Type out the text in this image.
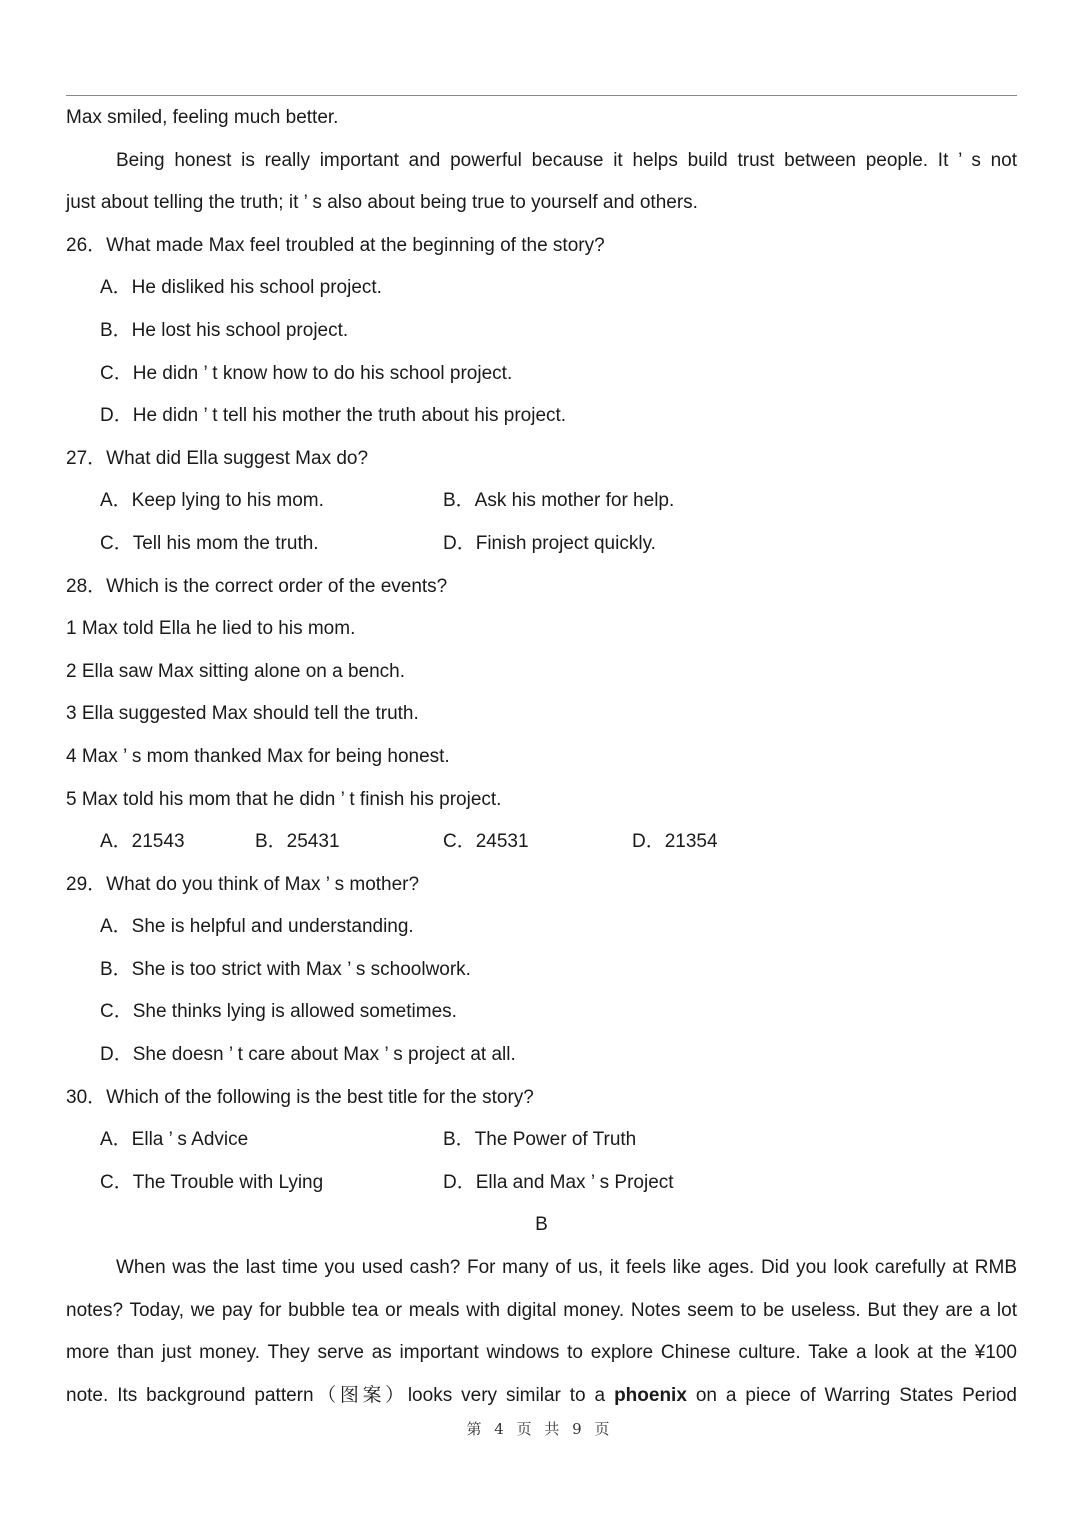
Max smiled, feeling much better.
Being honest is really important and powerful because it helps build trust between people. It ’ s not
just about telling the truth; it ’ s also about being true to yourself and others.
26．What made Max feel troubled at the beginning of the story?
A．He disliked his school project.
B．He lost his school project.
C．He didn ’ t know how to do his school project.
D．He didn ’ t tell his mother the truth about his project.
27．What did Ella suggest Max do?
A．Keep lying to his mom.	B．Ask his mother for help.
C．Tell his mom the truth.	D．Finish project quickly.
28．Which is the correct order of the events?
1 Max told Ella he lied to his mom.
2 Ella saw Max sitting alone on a bench.
3 Ella suggested Max should tell the truth.
4 Max ’ s mom thanked Max for being honest.
5 Max told his mom that he didn ’ t finish his project.
A．21543	B．25431	C．24531	D．21354
29．What do you think of Max ’ s mother?
A．She is helpful and understanding.
B．She is too strict with Max ’ s schoolwork.
C．She thinks lying is allowed sometimes.
D．She doesn ’ t care about Max ’ s project at all.
30．Which of the following is the best title for the story?
A．Ella ’ s Advice	B．The Power of Truth
C．The Trouble with Lying	D．Ella and Max ’ s Project
B
When was the last time you used cash? For many of us, it feels like ages. Did you look carefully at RMB
notes? Today, we pay for bubble tea or meals with digital money. Notes seem to be useless. But they are a lot
more than just money. They serve as important windows to explore Chinese culture. Take a look at the ¥100
note. Its background pattern（图案）looks very similar to a phoenix on a piece of Warring States Period
第 4 页 共 9 页
